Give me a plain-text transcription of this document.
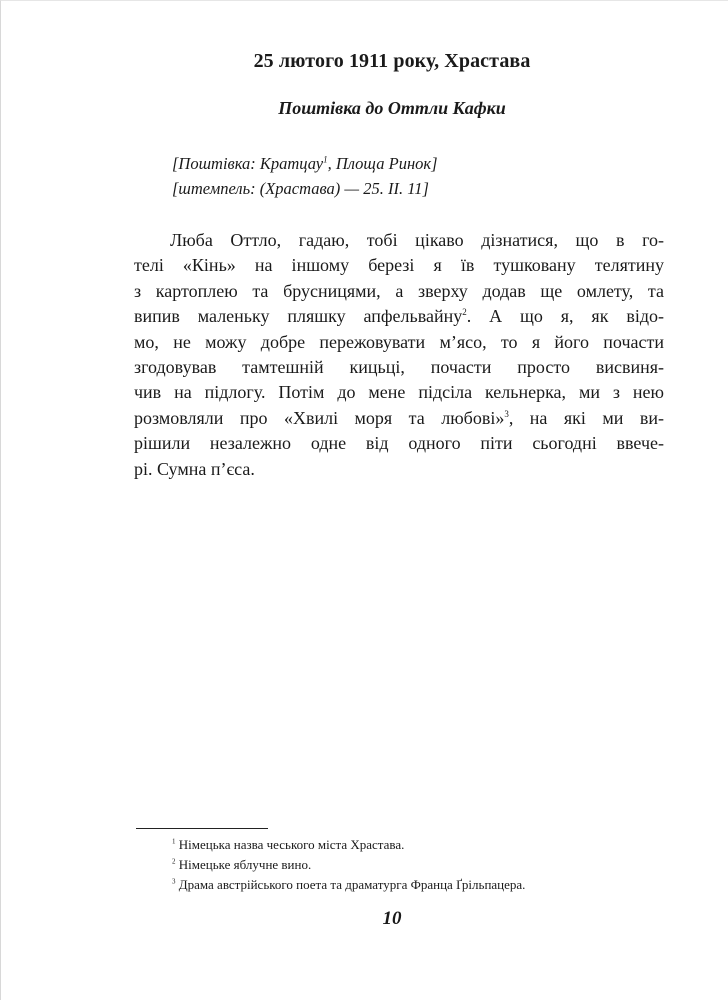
25 лютого 1911 року, Храстава
Поштівка до Оттли Кафки
[Поштівка: Кратцау$^1$, Площа Ринок]
[штемпель: (Храстава) — 25. II. 11]
Люба Оттло, гадаю, тобі цікаво дізнатися, що в го-
телі «Кінь» на іншому березі я їв тушковану телятину
з картоплею та брусницями, а зверху додав ще омлету, та
випив маленьку пляшку апфельвайну$^2$. А що я, як відо-
мо, не можу добре пережовувати м’ясо, то я його почасти
згодовував тамтешній кицьці, почасти просто висвиня-
чив на підлогу. Потім до мене підсіла кельнерка, ми з нею
розмовляли про «Хвилі моря та любові»$^3$, на які ми ви-
рішили незалежно одне від одного піти сьогодні ввече-
рі. Сумна п’єса.
$^1$ Німецька назва чеського міста Храстава.
$^2$ Німецьке яблучне вино.
$^3$ Драма австрійського поета та драматурга Франца Ґрільпацера.
10
